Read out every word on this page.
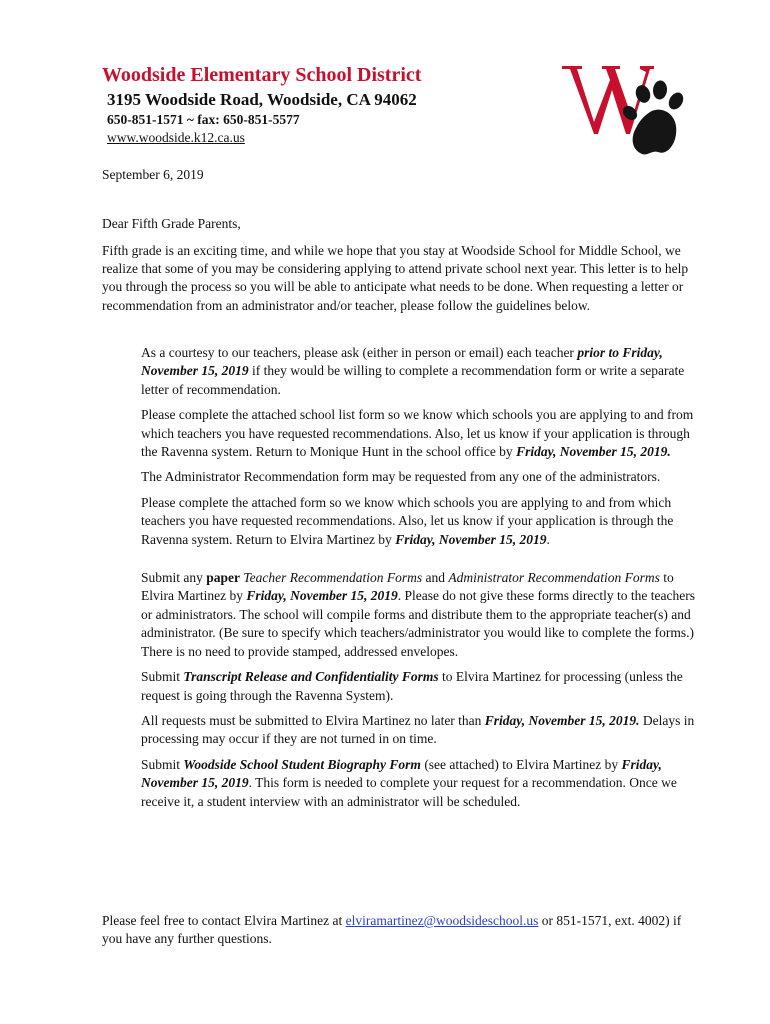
Woodside Elementary School District
3195 Woodside Road, Woodside, CA 94062
650-851-1571 ~ fax: 650-851-5577
www.woodside.k12.ca.us
September 6, 2019
Dear Fifth Grade Parents,
Fifth grade is an exciting time, and while we hope that you stay at Woodside School for Middle School, we realize that some of you may be considering applying to attend private school next year. This letter is to help you through the process so you will be able to anticipate what needs to be done. When requesting a letter or recommendation from an administrator and/or teacher, please follow the guidelines below.

As a courtesy to our teachers, please ask (either in person or email) each teacher prior to Friday, November 15, 2019 if they would be willing to complete a recommendation form or write a separate letter of recommendation.

Please complete the attached school list form so we know which schools you are applying to and from which teachers you have requested recommendations. Also, let us know if your application is through the Ravenna system. Return to Monique Hunt in the school office by Friday, November 15, 2019.

The Administrator Recommendation form may be requested from any one of the administrators.

Please complete the attached form so we know which schools you are applying to and from which teachers you have requested recommendations. Also, let us know if your application is through the Ravenna system. Return to Elvira Martinez by Friday, November 15, 2019.

Submit any paper Teacher Recommendation Forms and Administrator Recommendation Forms to Elvira Martinez by Friday, November 15, 2019. Please do not give these forms directly to the teachers or administrators. The school will compile forms and distribute them to the appropriate teacher(s) and administrator. (Be sure to specify which teachers/administrator you would like to complete the forms.) There is no need to provide stamped, addressed envelopes.

Submit Transcript Release and Confidentiality Forms to Elvira Martinez for processing (unless the request is going through the Ravenna System).

All requests must be submitted to Elvira Martinez no later than Friday, November 15, 2019. Delays in processing may occur if they are not turned in on time.

Submit Woodside School Student Biography Form (see attached) to Elvira Martinez by Friday, November 15, 2019. This form is needed to complete your request for a recommendation. Once we receive it, a student interview with an administrator will be scheduled.

Please feel free to contact Elvira Martinez at elviramartinez@woodsideschool.us or 851-1571, ext. 4002) if you have any further questions.
